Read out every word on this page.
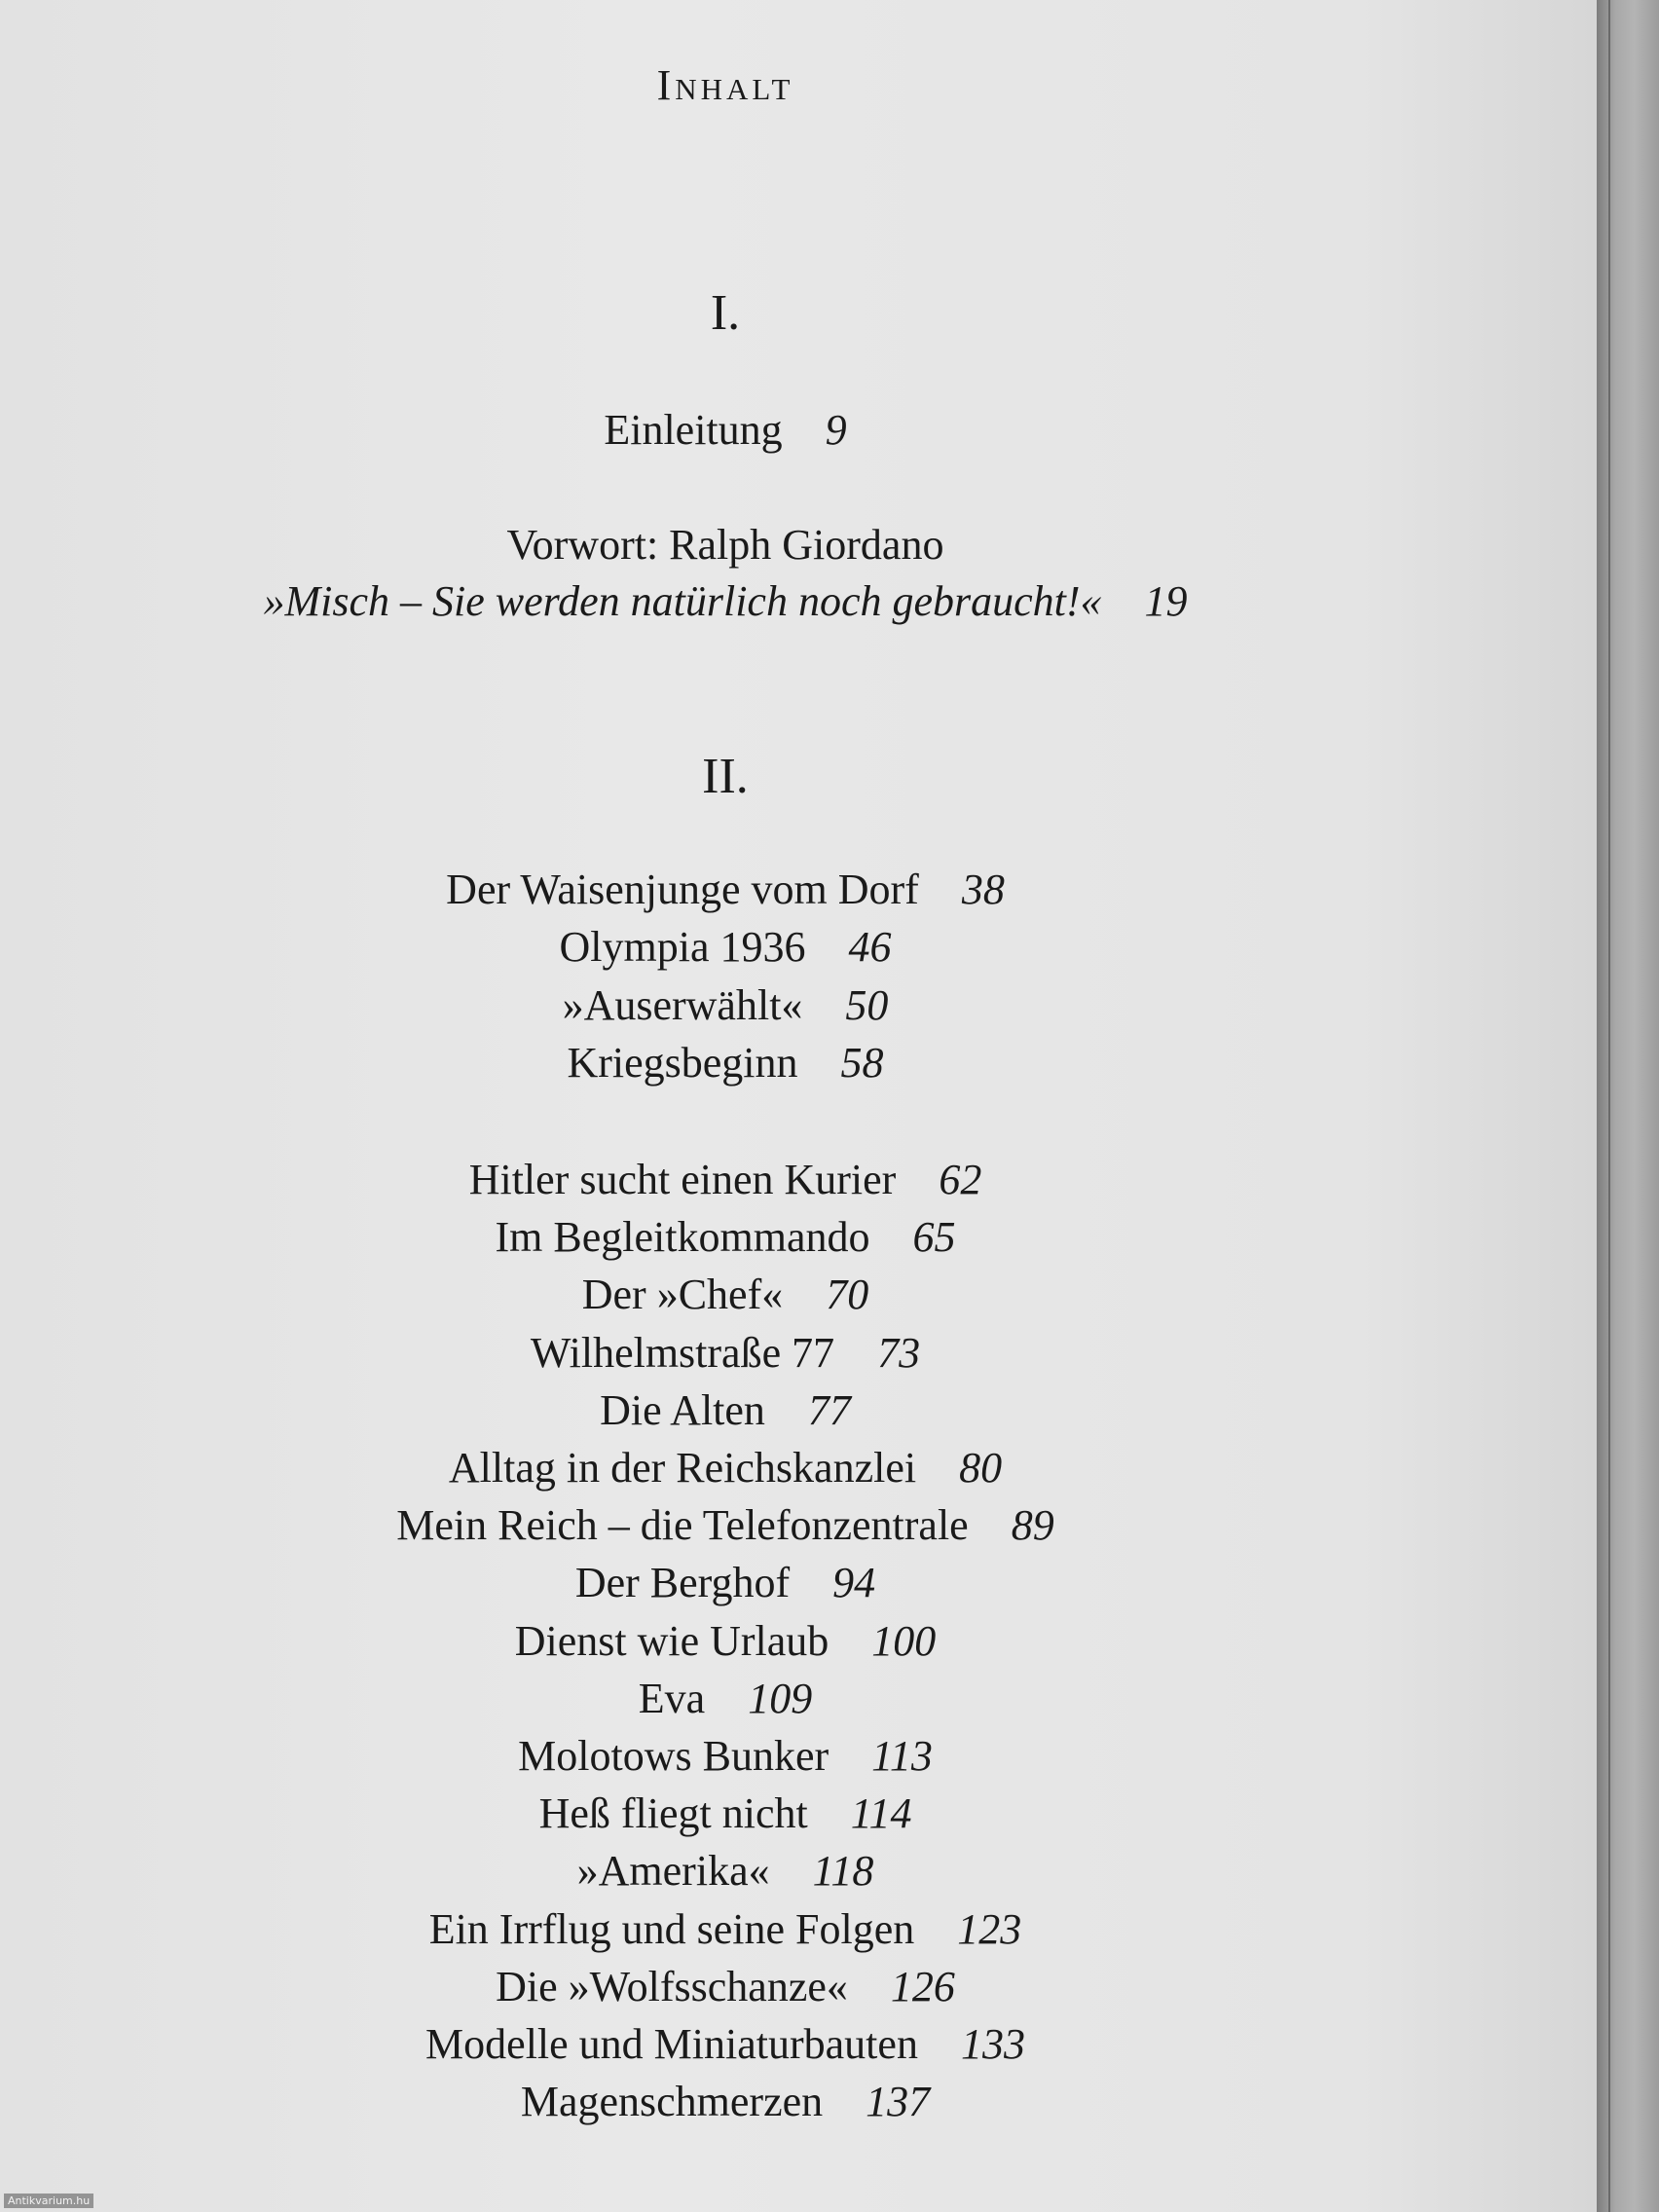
Inhalt
I.
Einleitung 9
Vorwort: Ralph Giordano
»Misch – Sie werden natürlich noch gebraucht!« 19
II.
Der Waisenjunge vom Dorf 38
Olympia 1936 46
»Auserwählt« 50
Kriegsbeginn 58
Hitler sucht einen Kurier 62
Im Begleitkommando 65
Der »Chef« 70
Wilhelmstraße 77 73
Die Alten 77
Alltag in der Reichskanzlei 80
Mein Reich – die Telefonzentrale 89
Der Berghof 94
Dienst wie Urlaub 100
Eva 109
Molotows Bunker 113
Heß fliegt nicht 114
»Amerika« 118
Ein Irrflug und seine Folgen 123
Die »Wolfsschanze« 126
Modelle und Miniaturbauten 133
Magenschmerzen 137
Antikvarium.hu
